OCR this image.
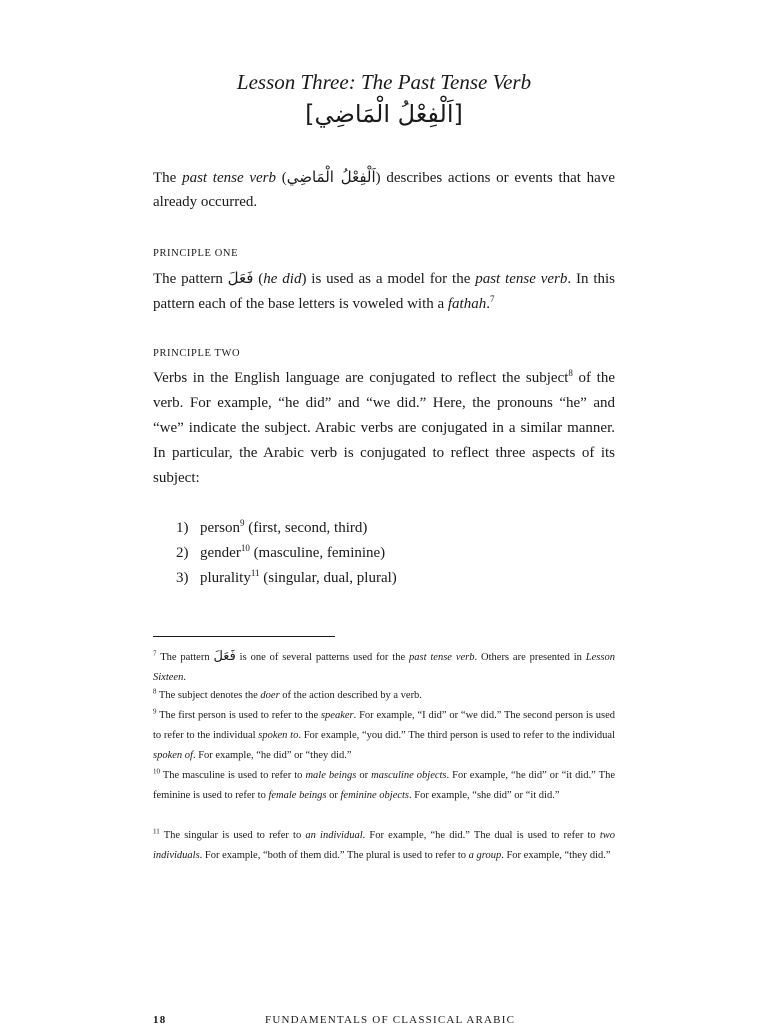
Lesson Three: The Past Tense Verb
[اَلْفِعْلُ الْمَاضِي]
The past tense verb (اَلْفِعْلُ الْمَاضِي) describes actions or events that have
already occurred.
PRINCIPLE ONE
The pattern فَعَلَ (he did) is used as a model for the past tense verb. In this pattern each of the base letters is voweled with a fathah.$^7$
PRINCIPLE TWO
Verbs in the English language are conjugated to reflect the subject$^8$ of the verb. For example, “he did” and “we did.” Here, the pronouns “he” and “we” indicate the subject. Arabic verbs are conjugated in a similar manner. In particular, the Arabic verb is conjugated to reflect three aspects of its subject:
1) person$^9$ (first, second, third)
2) gender$^{10}$ (masculine, feminine)
3) plurality$^{11}$ (singular, dual, plural)
$^7$ The pattern فَعَلَ is one of several patterns used for the past tense verb. Others are presented in Lesson Sixteen.
$^8$ The subject denotes the doer of the action described by a verb.
$^9$ The first person is used to refer to the speaker. For example, “I did” or “we did.” The second person is used to refer to the individual spoken to. For example, “you did.” The third person is used to refer to the individual spoken of. For example, “he did” or “they did.”
$^{10}$ The masculine is used to refer to male beings or masculine objects. For example, “he did” or “it did.” The feminine is used to refer to female beings or feminine objects. For example, “she did” or “it did.”
$^{11}$ The singular is used to refer to an individual. For example, “he did.” The dual is used to refer to two individuals. For example, “both of them did.” The plural is used to refer to a group. For example, “they did.”
18	FUNDAMENTALS OF CLASSICAL ARABIC
